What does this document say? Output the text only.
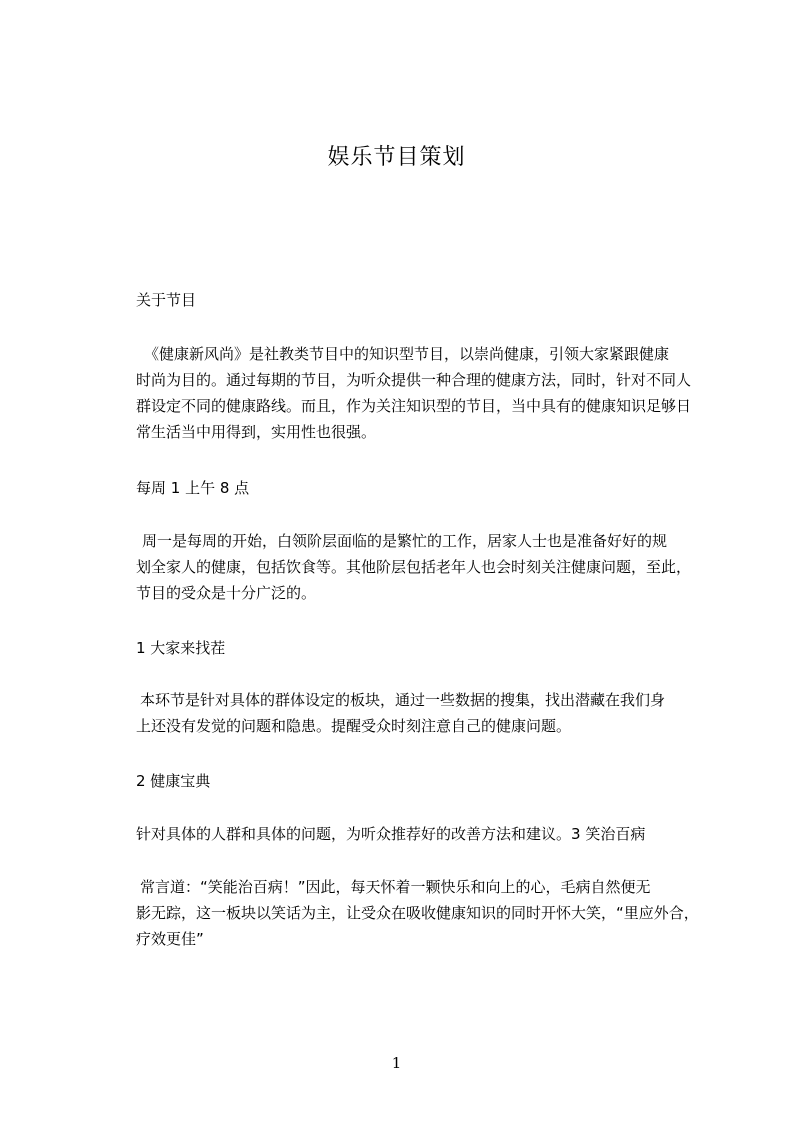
娱乐节目策划
关于节目
《健康新风尚》是社教类节目中的知识型节目，以崇尚健康，引领大家紧跟健康
时尚为目的。通过每期的节目，为听众提供一种合理的健康方法，同时，针对不同人
群设定不同的健康路线。而且，作为关注知识型的节目，当中具有的健康知识足够日
常生活当中用得到，实用性也很强。
每周 1 上午 8 点
周一是每周的开始，白领阶层面临的是繁忙的工作，居家人士也是准备好好的规
划全家人的健康，包括饮食等。其他阶层包括老年人也会时刻关注健康问题，至此，
节目的受众是十分广泛的。
1 大家来找茬
本环节是针对具体的群体设定的板块，通过一些数据的搜集，找出潜藏在我们身
上还没有发觉的问题和隐患。提醒受众时刻注意自己的健康问题。
2 健康宝典
针对具体的人群和具体的问题，为听众推荐好的改善方法和建议。3 笑治百病
常言道：“笑能治百病！”因此，每天怀着一颗快乐和向上的心，毛病自然便无
影无踪，这一板块以笑话为主，让受众在吸收健康知识的同时开怀大笑，“里应外合，
疗效更佳”
1
